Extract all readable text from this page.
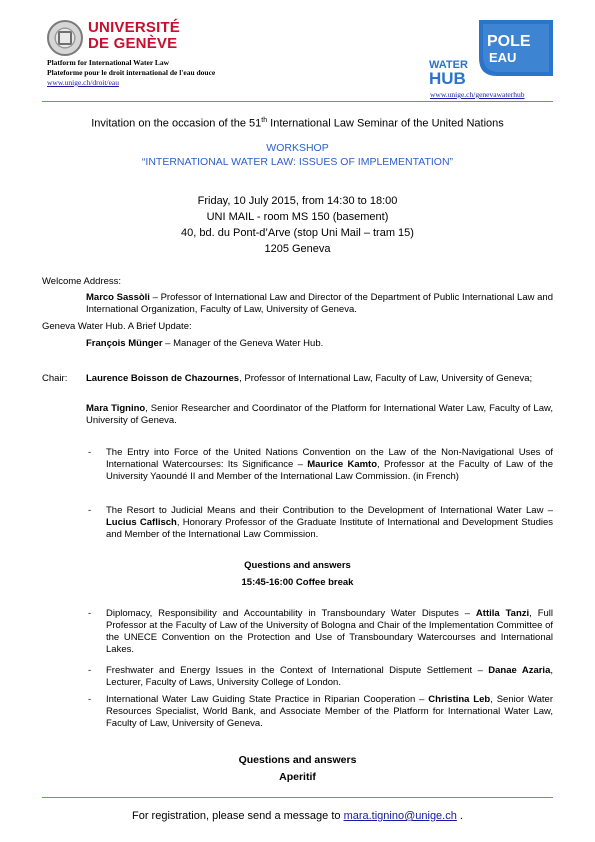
UNIVERSITÉ
DE GENÈVE
Platform for International Water Law
Plateforme pour le droit international de l'eau douce
www.unige.ch/droit/eau
POLE
EAU
WATER
HUB
www.unige.ch/genevawaterhub
Invitation on the occasion of the 51th International Law Seminar of the United Nations
WORKSHOP
“INTERNATIONAL WATER LAW: ISSUES OF IMPLEMENTATION”
Friday, 10 July 2015, from 14:30 to 18:00
UNI MAIL - room MS 150 (basement)
40, bd. du Pont-d’Arve (stop Uni Mail – tram 15)
1205 Geneva
Welcome Address:
Marco Sassòli – Professor of International Law and Director of the Department of Public International Law and International Organization, Faculty of Law, University of Geneva.
Geneva Water Hub. A Brief Update:
François Münger – Manager of the Geneva Water Hub.
Chair: Laurence Boisson de Chazournes, Professor of International Law, Faculty of Law, University of Geneva;
Mara Tignino, Senior Researcher and Coordinator of the Platform for International Water Law, Faculty of Law, University of Geneva.
- The Entry into Force of the United Nations Convention on the Law of the Non-Navigational Uses of International Watercourses: Its Significance – Maurice Kamto, Professor at the Faculty of Law of the University Yaoundé II and Member of the International Law Commission. (in French)
- The Resort to Judicial Means and their Contribution to the Development of International Water Law – Lucius Caflisch, Honorary Professor of the Graduate Institute of International and Development Studies and Member of the International Law Commission.
Questions and answers
15:45-16:00 Coffee break
- Diplomacy, Responsibility and Accountability in Transboundary Water Disputes – Attila Tanzi, Full Professor at the Faculty of Law of the University of Bologna and Chair of the Implementation Committee of the UNECE Convention on the Protection and Use of Transboundary Watercourses and International Lakes.
- Freshwater and Energy Issues in the Context of International Dispute Settlement – Danae Azaria, Lecturer, Faculty of Laws, University College of London.
- International Water Law Guiding State Practice in Riparian Cooperation – Christina Leb, Senior Water Resources Specialist, World Bank, and Associate Member of the Platform for International Water Law, Faculty of Law, University of Geneva.
Questions and answers
Aperitif
For registration, please send a message to mara.tignino@unige.ch .
